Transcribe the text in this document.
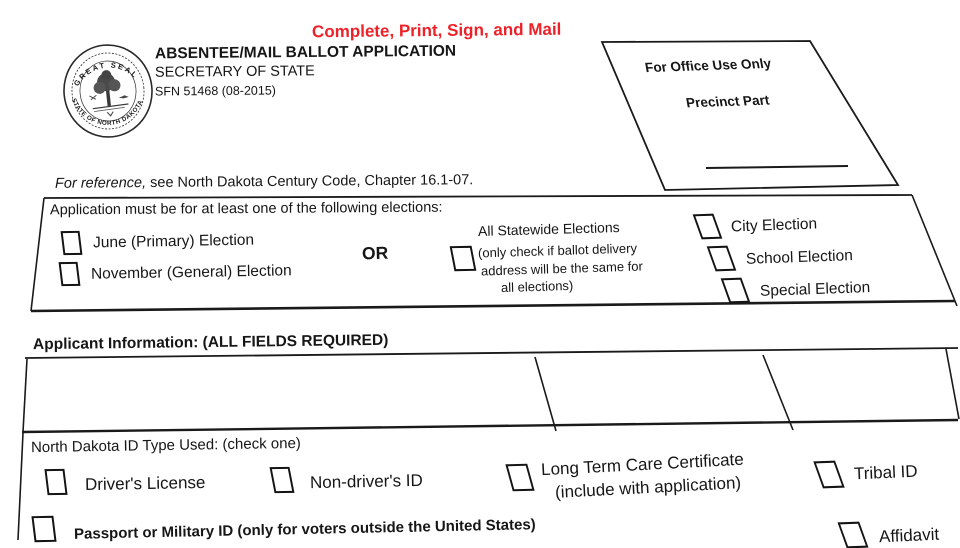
Complete, Print, Sign, and Mail
GREAT SEAL
STATE OF NORTH DAKOTA
ABSENTEE/MAIL BALLOT APPLICATION
SECRETARY OF STATE
SFN 51468 (08-2015)
For Office Use Only
Precinct Part
For reference, see North Dakota Century Code, Chapter 16.1-07.
Application must be for at least one of the following elections:
June (Primary) Election
November (General) Election
OR
All Statewide Elections
(only check if ballot delivery
address will be the same for
all elections)
City Election
School Election
Special Election
Applicant Information: (ALL FIELDS REQUIRED)
North Dakota ID Type Used: (check one)
Driver's License	Non-driver's ID
Long Term Care Certificate
(include with application)
Tribal ID
Passport or Military ID (only for voters outside the United States)	Affidavit
